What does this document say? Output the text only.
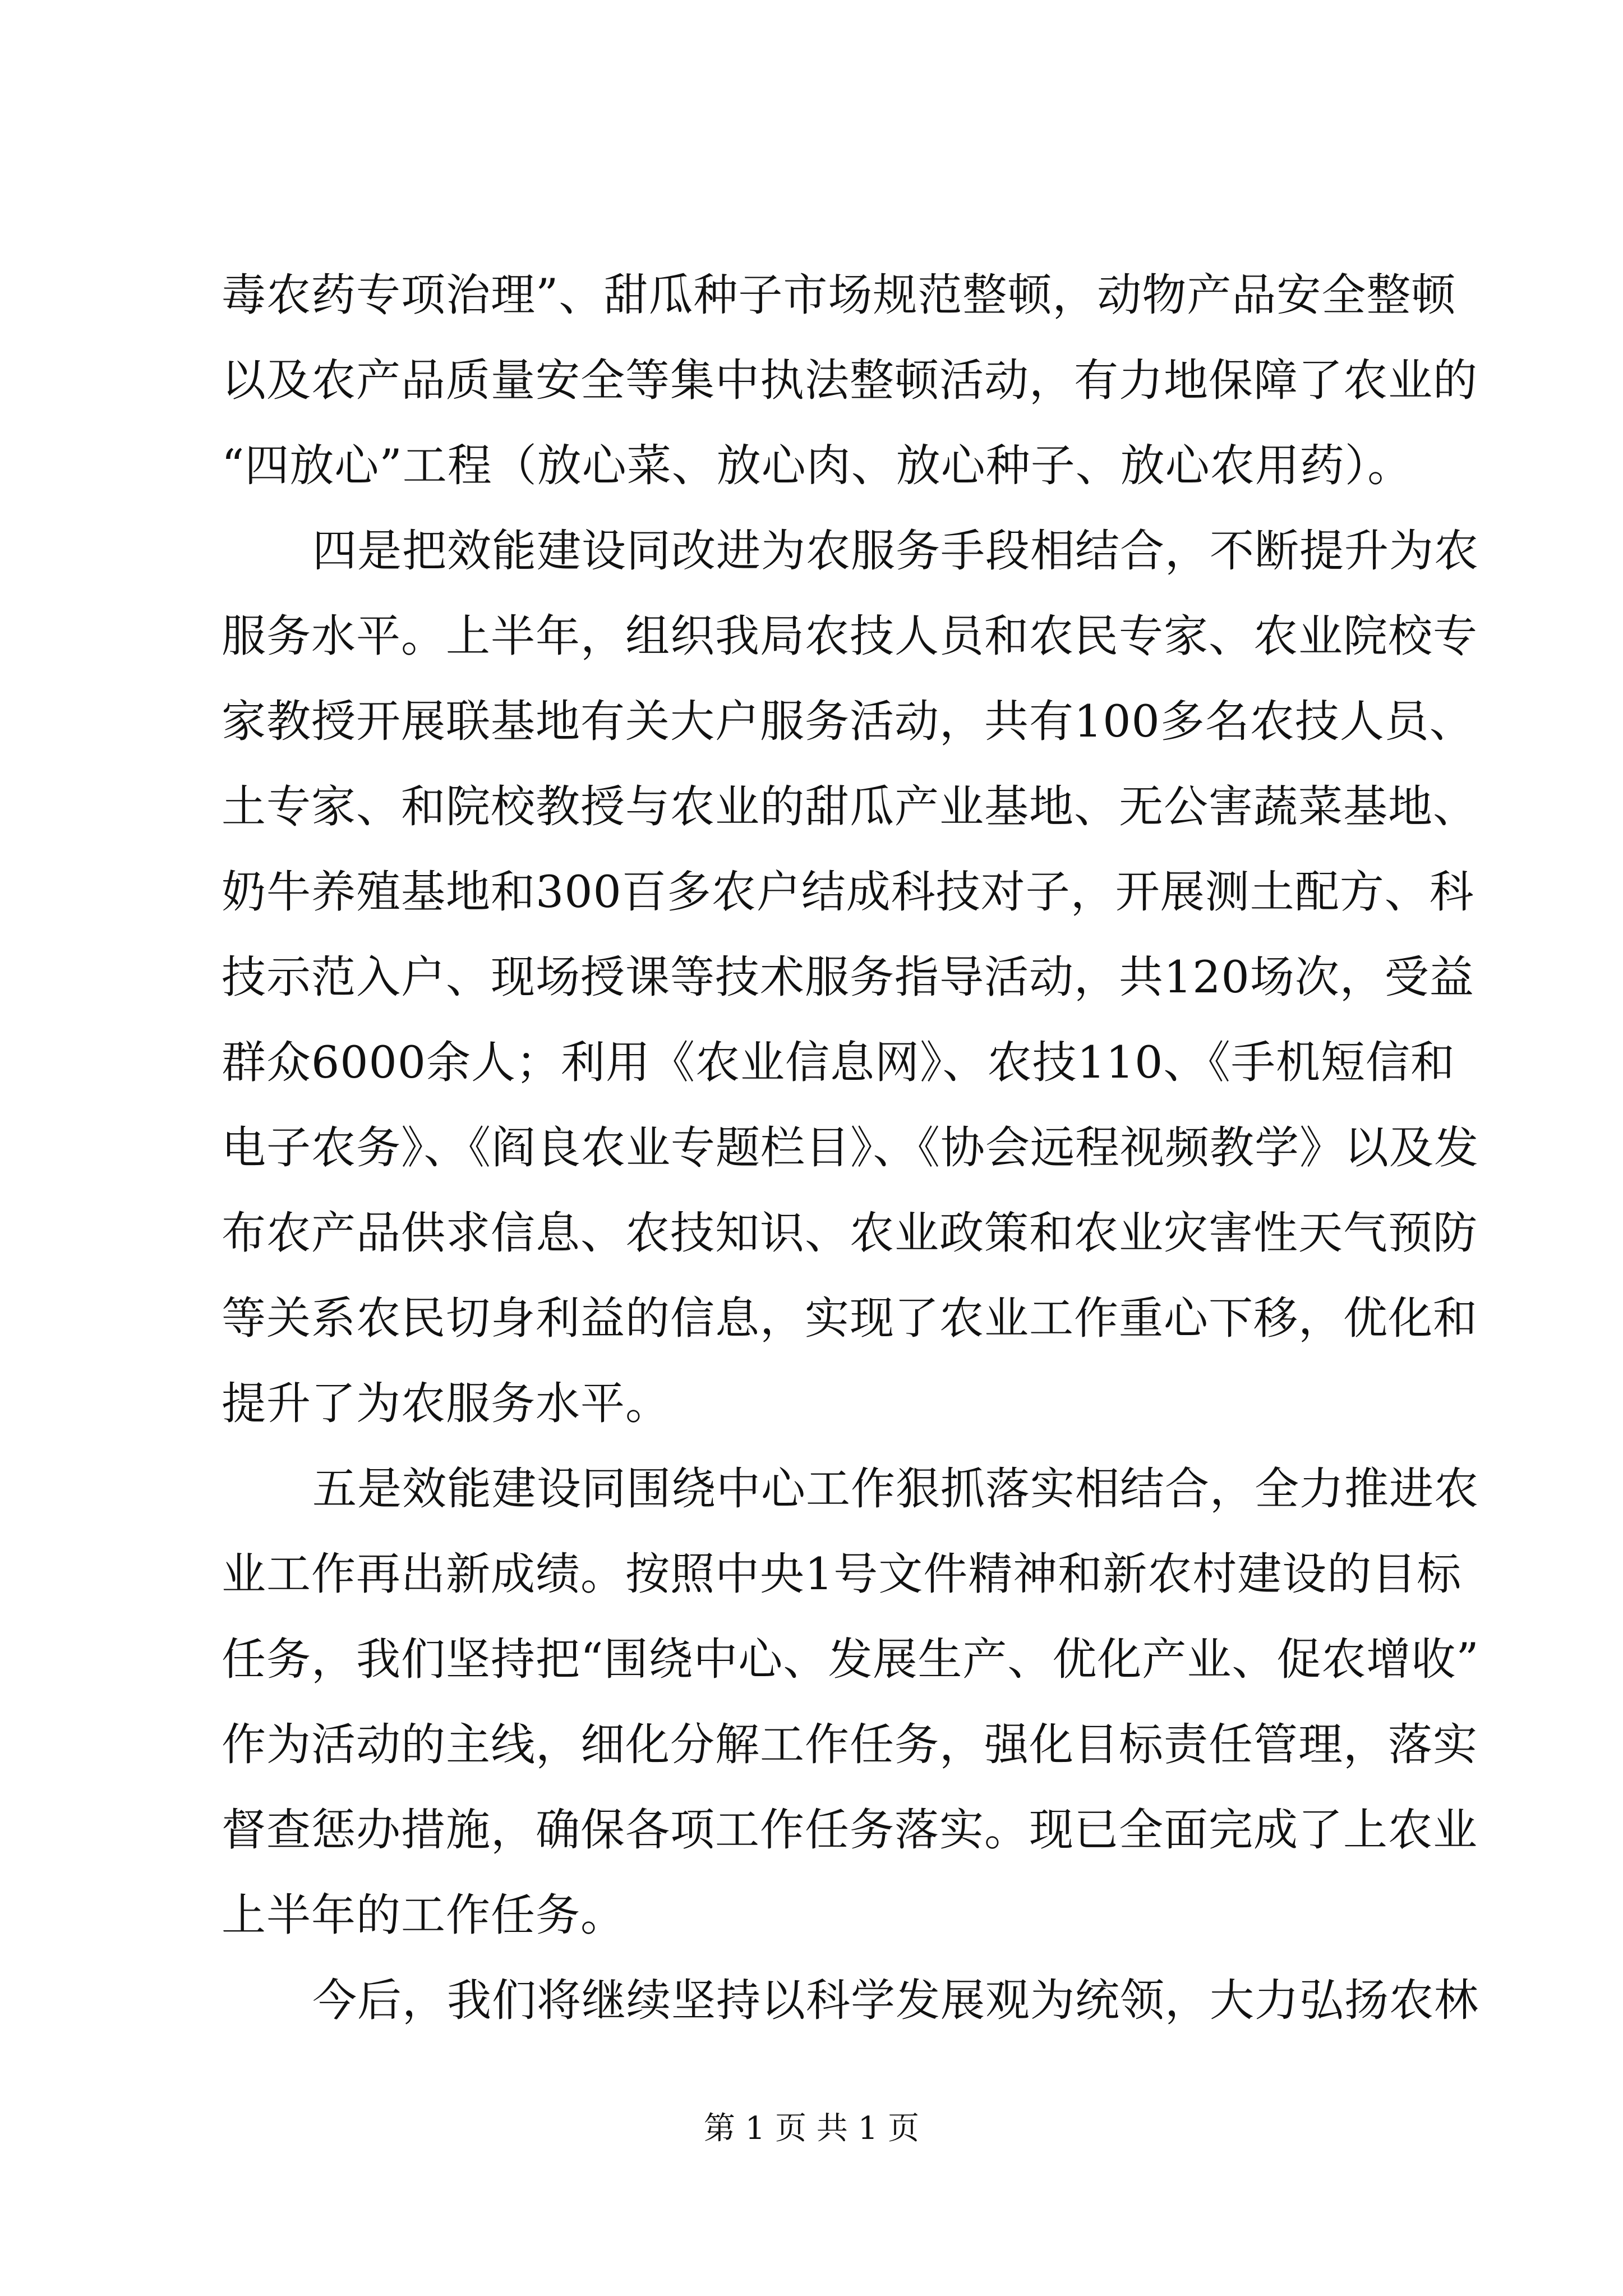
毒农药专项治理”、甜瓜种子市场规范整顿，动物产品安全整顿
以及农产品质量安全等集中执法整顿活动，有力地保障了农业的
“四放心”工程（放心菜、放心肉、放心种子、放心农用药）。
四是把效能建设同改进为农服务手段相结合，不断提升为农
服务水平。上半年，组织我局农技人员和农民专家、农业院校专
家教授开展联基地有关大户服务活动，共有100多名农技人员、
土专家、和院校教授与农业的甜瓜产业基地、无公害蔬菜基地、
奶牛养殖基地和300百多农户结成科技对子，开展测土配方、科
技示范入户、现场授课等技术服务指导活动，共120场次，受益
群众6000余人；利用《农业信息网》、农技110、《手机短信和
电子农务》、《阎良农业专题栏目》、《协会远程视频教学》以及发
布农产品供求信息、农技知识、农业政策和农业灾害性天气预防
等关系农民切身利益的信息，实现了农业工作重心下移，优化和
提升了为农服务水平。
五是效能建设同围绕中心工作狠抓落实相结合，全力推进农
业工作再出新成绩。按照中央1号文件精神和新农村建设的目标
任务，我们坚持把“围绕中心、发展生产、优化产业、促农增收”
作为活动的主线，细化分解工作任务，强化目标责任管理，落实
督查惩办措施，确保各项工作任务落实。现已全面完成了上农业
上半年的工作任务。
今后，我们将继续坚持以科学发展观为统领，大力弘扬农林
第 1 页 共 1 页
